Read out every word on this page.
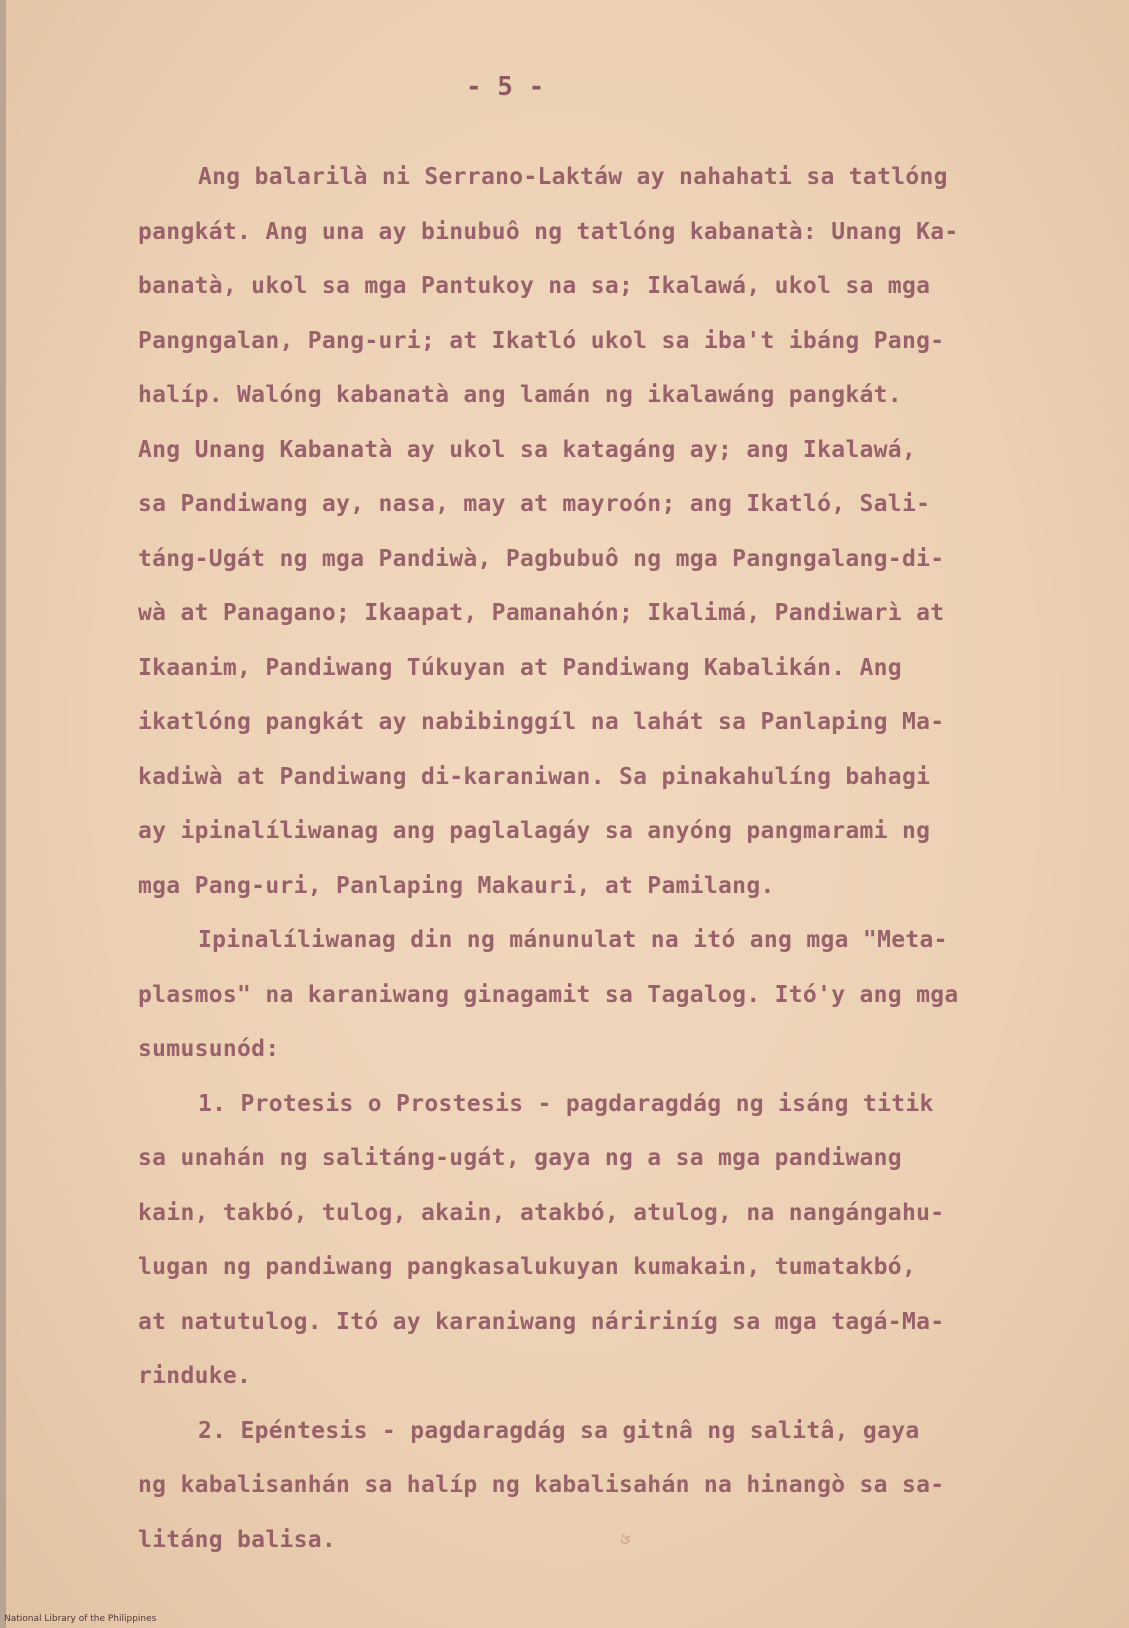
- 5 -
Ang balarilà ni Serrano-Laktáw ay nahahati sa tatlóng
pangkát. Ang una ay binubuô ng tatlóng kabanatà: Unang Ka-
banatà, ukol sa mga Pantukoy na sa; Ikalawá, ukol sa mga
Pangngalan, Pang-uri; at Ikatló ukol sa iba't ibáng Pang-
halíp. Walóng kabanatà ang lamán ng ikalawáng pangkát.
Ang Unang Kabanatà ay ukol sa katagáng ay; ang Ikalawá,
sa Pandiwang ay, nasa, may at mayroón; ang Ikatló, Sali-
táng-Ugát ng mga Pandiwà, Pagbubuô ng mga Pangngalang-di-
wà at Panagano; Ikaapat, Pamanahón; Ikalimá, Pandiwarì at
Ikaanim, Pandiwang Túkuyan at Pandiwang Kabalikán. Ang
ikatlóng pangkát ay nabibinggíl na lahát sa Panlaping Ma-
kadiwà at Pandiwang di-karaniwan. Sa pinakahulíng bahagi
ay ipinalíliwanag ang paglalagáy sa anyóng pangmarami ng
mga Pang-uri, Panlaping Makauri, at Pamilang.
Ipinalíliwanag din ng mánunulat na itó ang mga "Meta-
plasmos" na karaniwang ginagamit sa Tagalog. Itó'y ang mga
sumusunód:
1. Protesis o Prostesis - pagdaragdág ng isáng titik
sa unahán ng salitáng-ugát, gaya ng a sa mga pandiwang
kain, takbó, tulog, akain, atakbó, atulog, na nangángahu-
lugan ng pandiwang pangkasalukuyan kumakain, tumatakbó,
at natutulog. Itó ay karaniwang náririníg sa mga tagá-Ma-
rinduke.
2. Epéntesis - pagdaragdág sa gitnâ ng salitâ, gaya
ng kabalisanhán sa halíp ng kabalisahán na hinangò sa sa-
litáng balisa.	ئ
National Library of the Philippines
